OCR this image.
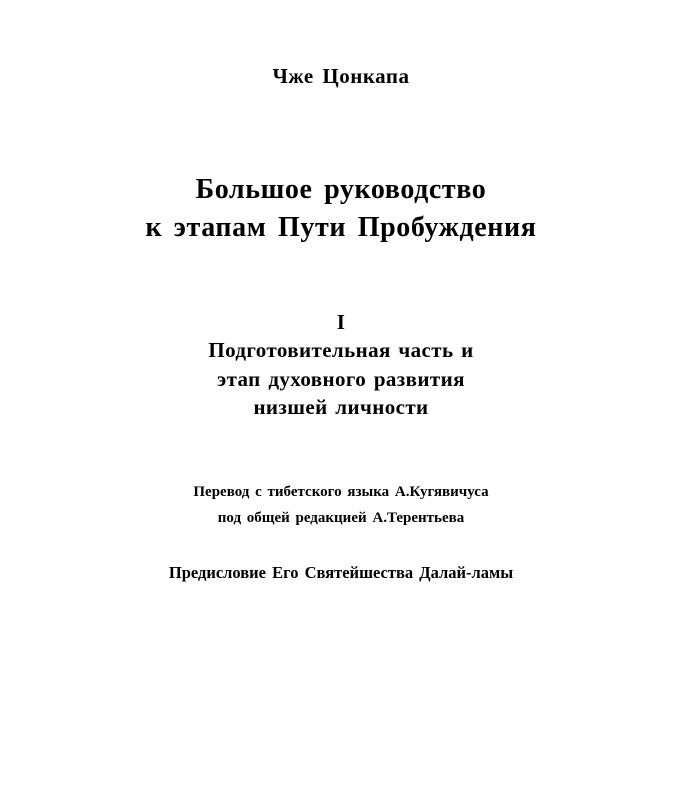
Чже Цонкапа
Большое руководство
к этапам Пути Пробуждения
I
Подготовительная часть и
этап духовного развития
низшей личности
Перевод с тибетского языка А.Кугявичуса
под общей редакцией А.Терентьева
Предисловие Его Святейшества Далай-ламы
